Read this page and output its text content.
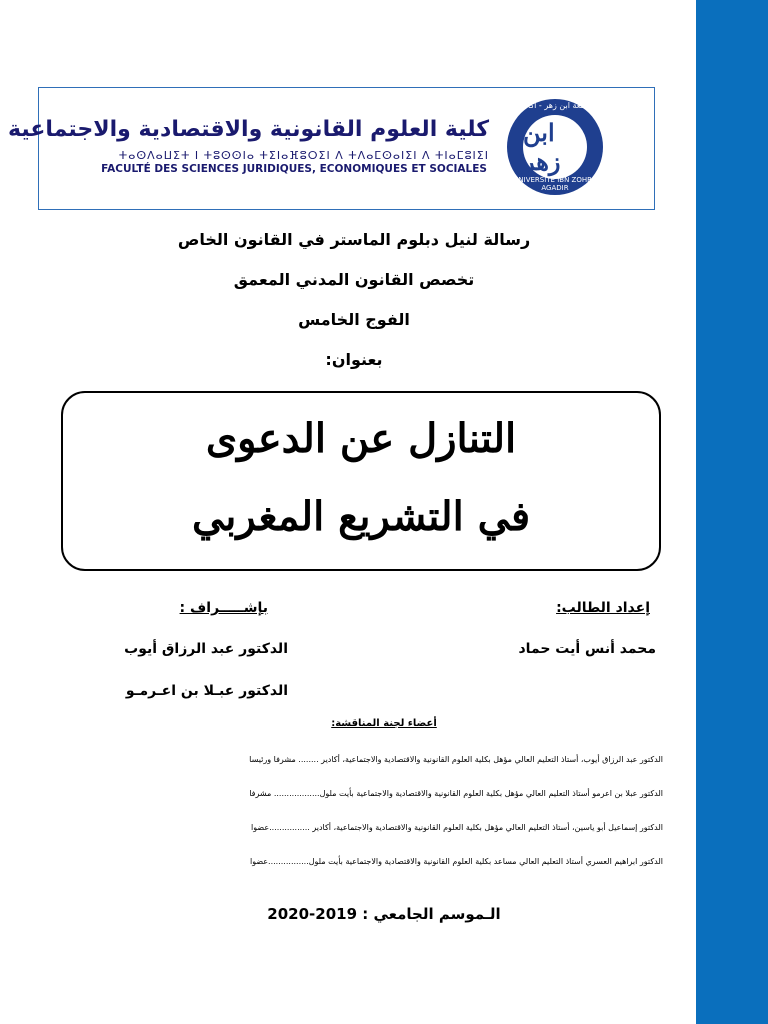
جامعة ابن زهر - أكادير
ابن زهر
UNIVERSITÉ IBN ZOHR - AGADIR
كلية العلوم القانونية والاقتصادية والاجتماعية
ⵜⴰⵙⴷⴰⵡⵉⵜ ⵏ ⵜⵓⵙⵙⵏⴰ ⵜⵉⵏⴰⴼⵓⵔⵉⵏ ⴷ ⵜⴷⴰⵎⵙⴰⵏⵉⵏ ⴷ ⵜⵏⴰⵎⵓⵏⵉⵏ
FACULTÉ DES SCIENCES JURIDIQUES, ECONOMIQUES ET SOCIALES
رسالة لنيل دبلوم الماستر في القانون الخاص
تخصص القانون المدني المعمق
الفوج الخامس
بعنوان:
التنازل عن الدعوى
في التشريع المغربي
إعداد الطالب:
محمد أنس أيت حماد
بإشـــــراف :
الدكتور عبد الرزاق أيوب
الدكتور عبـلا بن اعـرمـو
أعضاء لجنة المناقشة:
الدكتور عبد الرزاق أيوب، أستاذ التعليم العالي مؤهل بكلية العلوم القانونية والاقتصادية والاجتماعية، أكادير ........ مشرفا ورئيسا
الدكتور عبلا بن اعرمو أستاذ التعليم العالي مؤهل بكلية العلوم القانونية والاقتصادية والاجتماعية بأيت ملول.................. مشرفا
الدكتور إسماعيل أبو ياسين، أستاذ التعليم العالي مؤهل بكلية العلوم القانونية والاقتصادية والاجتماعية، أكادير ................عضوا
الدكتور ابراهيم العسري أستاذ التعليم العالي مساعد بكلية العلوم القانونية والاقتصادية والاجتماعية بأيت ملول................عضوا
الـموسم الجامعي : 2019-2020
